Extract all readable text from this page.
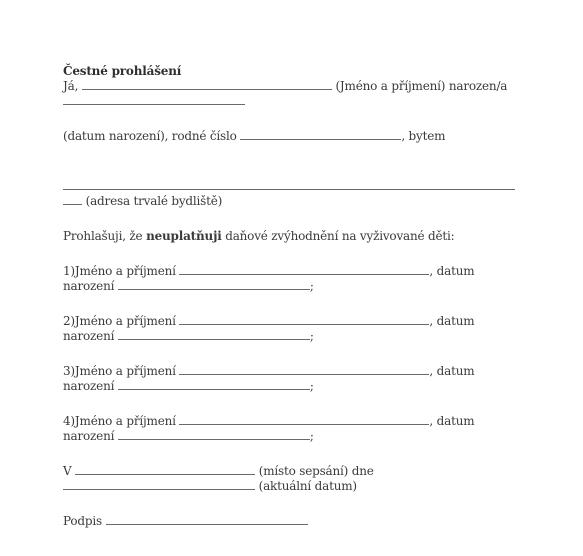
Čestné prohlášení
Já,	(Jméno a příjmení) narozen/a
(datum narození), rodné číslo	, bytem
(adresa trvalé bydliště)
Prohlašuji, že neuplatňuji daňové zvýhodnění na vyživované děti:
1)Jméno a příjmení	, datum
narození	;
2)Jméno a příjmení	, datum
narození	;
3)Jméno a příjmení	, datum
narození	;
4)Jméno a příjmení	, datum
narození	;
V	(místo sepsání) dne
(aktuální datum)
Podpis
